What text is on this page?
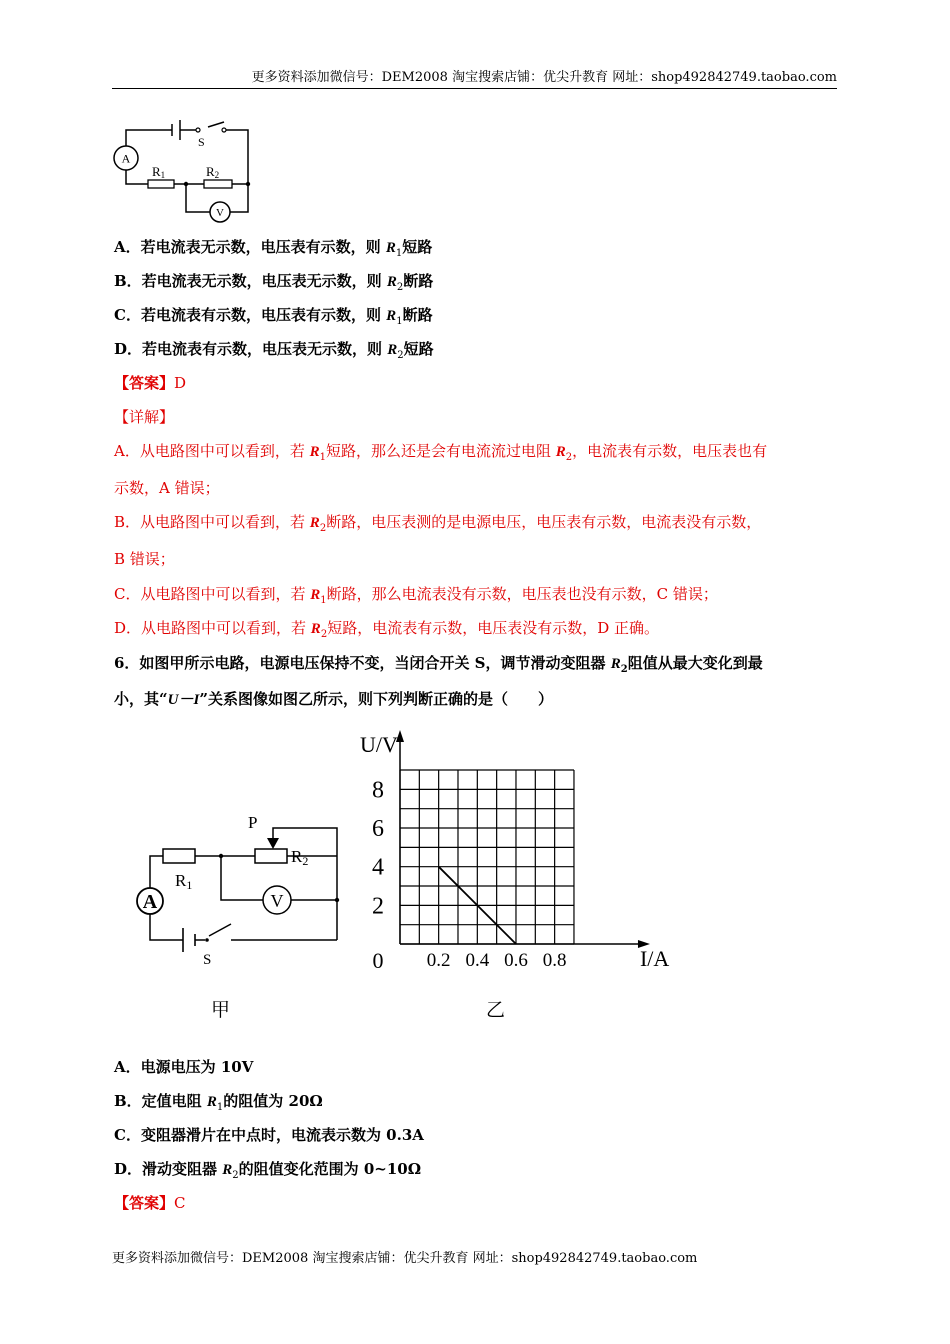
更多资料添加微信号：DEM2008 淘宝搜索店铺：优尖升教育 网址：shop492842749.taobao.com
A
V
S
R1	R2
A．若电流表无示数，电压表有示数，则 $R_1$短路
B．若电流表无示数，电压表无示数，则 $R_2$断路
C．若电流表有示数，电压表有示数，则 $R_1$断路
D．若电流表有示数，电压表无示数，则 $R_2$短路
【答案】D
【详解】
A．从电路图中可以看到，若 $R_1$短路，那么还是会有电流流过电阻 $R_2$，电流表有示数，电压表也有
示数，A 错误；
B．从电路图中可以看到，若 $R_2$断路，电压表测的是电源电压，电压表有示数，电流表没有示数，
B 错误；
C．从电路图中可以看到，若 $R_1$断路，那么电流表没有示数，电压表也没有示数，C 错误；
D．从电路图中可以看到，若 $R_2$短路，电流表有示数，电压表没有示数，D 正确。
6．如图甲所示电路，电源电压保持不变，当闭合开关 S，调节滑动变阻器 $R_2$阻值从最大变化到最
小，其“U－I”关系图像如图乙所示，则下列判断正确的是（　　）
A	V
P
R1
R2
S
2
4
6
8
0.2 0.4 0.6 0.8
U/V
I/A
0
甲	乙
A．电源电压为 10V
B．定值电阻 $R_1$的阻值为 20Ω
C．变阻器滑片在中点时，电流表示数为 0.3A
D．滑动变阻器 $R_2$的阻值变化范围为 0~10Ω
【答案】C
更多资料添加微信号：DEM2008 淘宝搜索店铺：优尖升教育 网址：shop492842749.taobao.com
